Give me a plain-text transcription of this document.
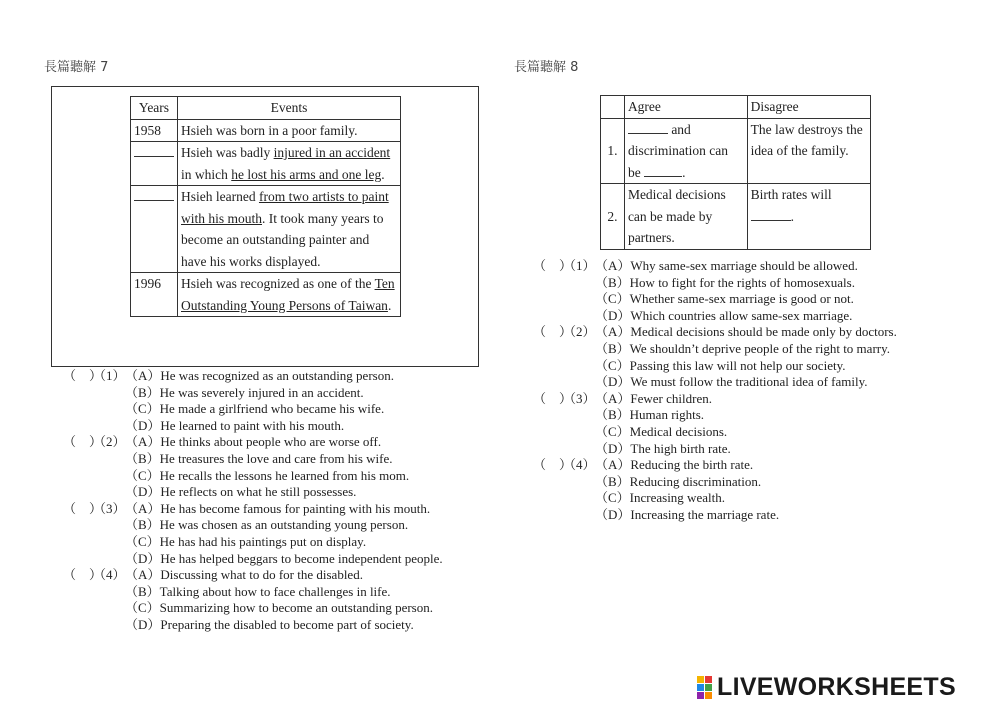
長篇聽解 7
Years	Events
1958	Hsieh was born in a poor family.
	Hsieh was badly injured in an accident in which he lost his arms and one leg.
	Hsieh learned from two artists to paint with his mouth. It took many years to become an outstanding painter and have his works displayed.
1996	Hsieh was recognized as one of the Ten Outstanding Young Persons of Taiwan.
（　）
（1） （A）He was recognized as an outstanding person.
（B）He was severely injured in an accident.
（C）He made a girlfriend who became his wife.
（D）He learned to paint with his mouth.
（　）
（2） （A）He thinks about people who are worse off.
（B）He treasures the love and care from his wife.
（C）He recalls the lessons he learned from his mom.
（D）He reflects on what he still possesses.
（　）
（3） （A）He has become famous for painting with his mouth.
（B）He was chosen as an outstanding young person.
（C）He has had his paintings put on display.
（D）He has helped beggars to become independent people.
（　）
（4） （A）Discussing what to do for the disabled.
（B）Talking about how to face challenges in life.
（C）Summarizing how to become an outstanding person.
（D）Preparing the disabled to become part of society.
長篇聽解 8
	Agree	Disagree
1.	and discrimination can be .	The law destroys the idea of the family.
2.	Medical decisions can be made by partners.	Birth rates will .
（　）
（1） （A）Why same-sex marriage should be allowed.
（B）How to fight for the rights of homosexuals.
（C）Whether same-sex marriage is good or not.
（D）Which countries allow same-sex marriage.
（　）
（2） （A）Medical decisions should be made only by doctors.
（B）We shouldn’t deprive people of the right to marry.
（C）Passing this law will not help our society.
（D）We must follow the traditional idea of family.
（　）
（3） （A）Fewer children.
（B）Human rights.
（C）Medical decisions.
（D）The high birth rate.
（　）
（4） （A）Reducing the birth rate.
（B）Reducing discrimination.
（C）Increasing wealth.
（D）Increasing the marriage rate.
LIVEWORKSHEETS
